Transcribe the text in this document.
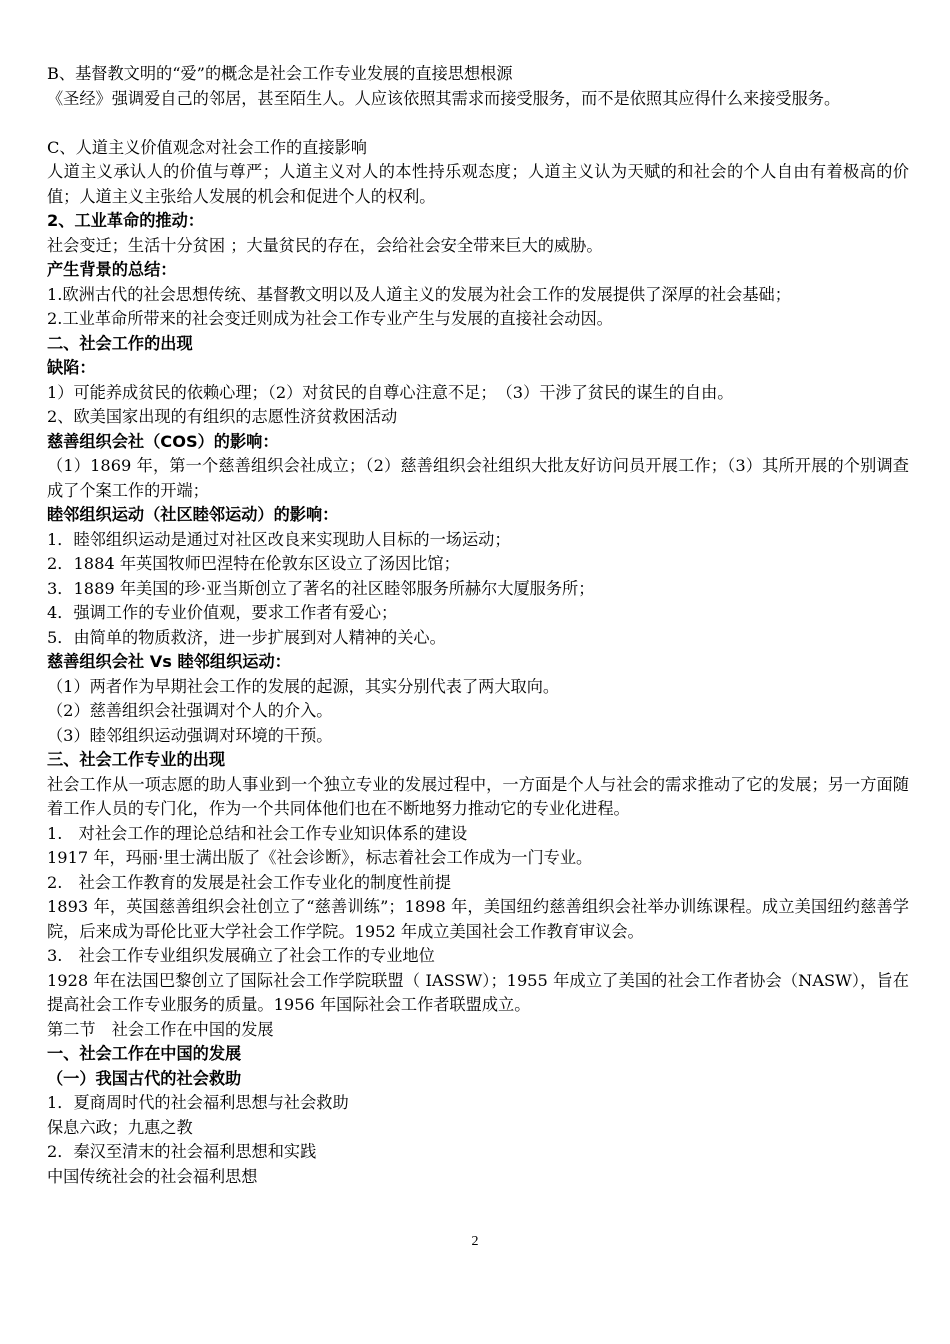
B、基督教文明的“爱”的概念是社会工作专业发展的直接思想根源
《圣经》强调爱自己的邻居，甚至陌生人。人应该依照其需求而接受服务，而不是依照其应得什么来接受服务。
C、人道主义价值观念对社会工作的直接影响
人道主义承认人的价值与尊严；人道主义对人的本性持乐观态度；人道主义认为天赋的和社会的个人自由有着极高的价值；人道主义主张给人发展的机会和促进个人的权利。
2、工业革命的推动：
社会变迁；生活十分贫困 ；大量贫民的存在，会给社会安全带来巨大的威胁。
产生背景的总结：
1.欧洲古代的社会思想传统、基督教文明以及人道主义的发展为社会工作的发展提供了深厚的社会基础；
2.工业革命所带来的社会变迁则成为社会工作专业产生与发展的直接社会动因。
二、社会工作的出现
缺陷：
1）可能养成贫民的依赖心理；（2）对贫民的自尊心注意不足；　（3）干涉了贫民的谋生的自由。
2、欧美国家出现的有组织的志愿性济贫救困活动
慈善组织会社（COS）的影响：
（1）1869 年，第一个慈善组织会社成立；（2）慈善组织会社组织大批友好访问员开展工作；（3）其所开展的个别调查成了个案工作的开端；
睦邻组织运动（社区睦邻运动）的影响：
1．睦邻组织运动是通过对社区改良来实现助人目标的一场运动；
2．1884 年英国牧师巴涅特在伦敦东区设立了汤因比馆；
3．1889 年美国的珍·亚当斯创立了著名的社区睦邻服务所赫尔大厦服务所；
4．强调工作的专业价值观，要求工作者有爱心；
5．由简单的物质救济，进一步扩展到对人精神的关心。
慈善组织会社 Vs 睦邻组织运动：
（1）两者作为早期社会工作的发展的起源，其实分别代表了两大取向。
（2）慈善组织会社强调对个人的介入。
（3）睦邻组织运动强调对环境的干预。
三、社会工作专业的出现
社会工作从一项志愿的助人事业到一个独立专业的发展过程中，一方面是个人与社会的需求推动了它的发展；另一方面随着工作人员的专门化，作为一个共同体他们也在不断地努力推动它的专业化进程。
1.　对社会工作的理论总结和社会工作专业知识体系的建设
1917 年，玛丽·里士满出版了《社会诊断》，标志着社会工作成为一门专业。
2.　社会工作教育的发展是社会工作专业化的制度性前提
1893 年，英国慈善组织会社创立了“慈善训练”；1898 年，美国纽约慈善组织会社举办训练课程。成立美国纽约慈善学院，后来成为哥伦比亚大学社会工作学院。1952 年成立美国社会工作教育审议会。
3.　社会工作专业组织发展确立了社会工作的专业地位
1928 年在法国巴黎创立了国际社会工作学院联盟（ IASSW）；1955 年成立了美国的社会工作者协会（NASW），旨在提高社会工作专业服务的质量。1956 年国际社会工作者联盟成立。
第二节　社会工作在中国的发展
一、社会工作在中国的发展
（一）我国古代的社会救助
1．夏商周时代的社会福利思想与社会救助
保息六政；九惠之教
2．秦汉至清末的社会福利思想和实践
中国传统社会的社会福利思想
2
